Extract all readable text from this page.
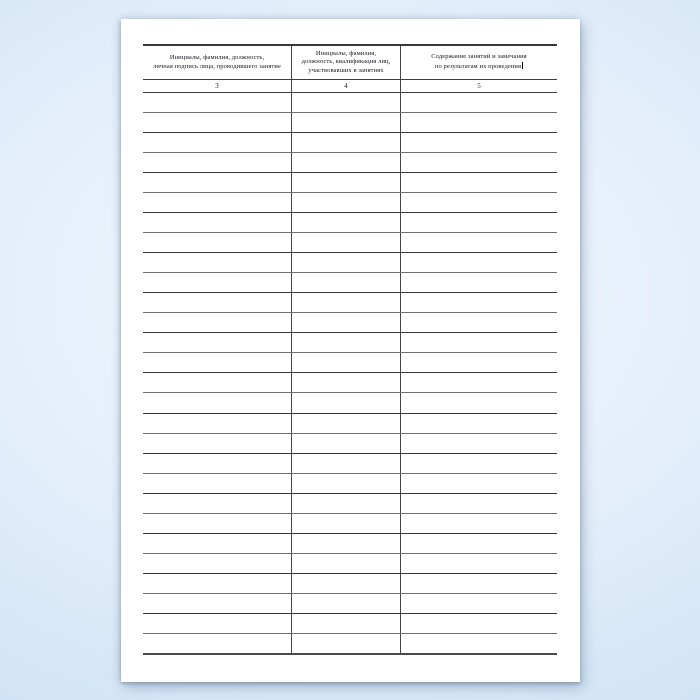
Инициалы, фамилия, должность,
личная подпись лица, проводившего занятие
Инициалы, фамилия,
должность, квалификация лиц,
участвовавших в занятиях
Содержание занятий и замечания
по результатам их проведения
3	4	5
